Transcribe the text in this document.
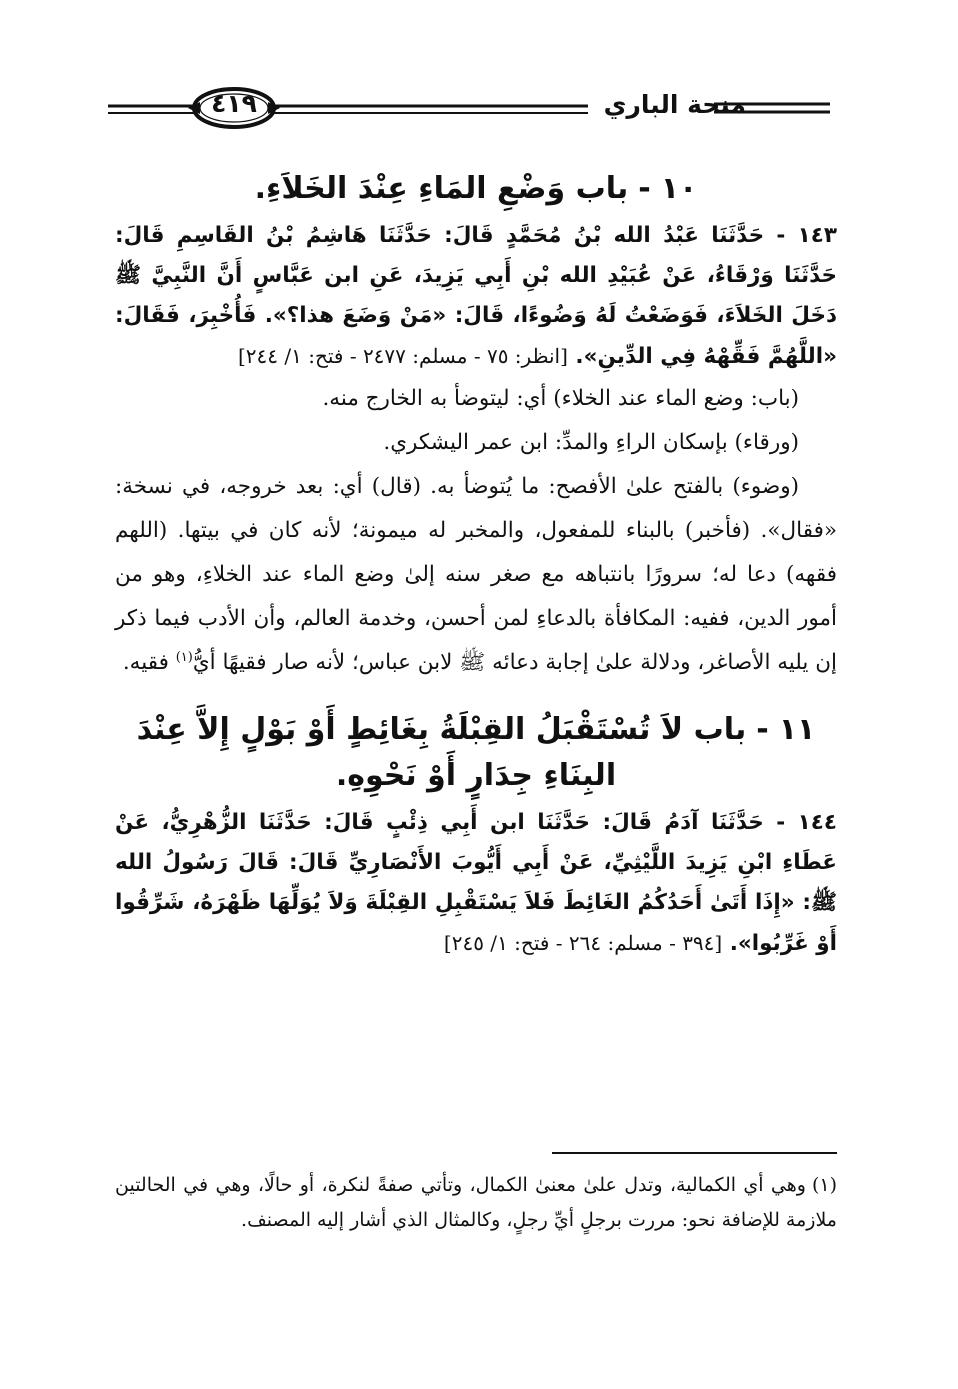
منحة الباري
٤١٩
١٠-باب وَضْعِ المَاءِ عِنْدَ الخَلاَءِ.

١٤٣ - حَدَّثَنَا عَبْدُ الله بْنُ مُحَمَّدٍ قَالَ: حَدَّثَنَا هَاشِمُ بْنُ القَاسِمِ قَالَ: حَدَّثَنَا وَرْقَاءُ، عَنْ عُبَيْدِ الله بْنِ أَبِي يَزِيدَ، عَنِ ابن عَبَّاسٍ أَنَّ النَّبِيَّ ﷺ دَخَلَ الخَلاَءَ، فَوَضَعْتُ لَهُ وَضُوءًا، قَالَ: «مَنْ وَضَعَ هذا؟». فَأُخْبِرَ، فَقَالَ: «اللَّهُمَّ فَقِّهْهُ فِي الدِّينِ». [انظر: ٧٥ - مسلم: ٢٤٧٧ - فتح: ١/ ٢٤٤]

(باب: وضع الماء عند الخلاء) أي: ليتوضأ به الخارج منه.

(ورقاء) بإسكان الراءِ والمدِّ: ابن عمر اليشكري.

(وضوء) بالفتح علىٰ الأفصح: ما يُتوضأ به. (قال) أي: بعد خروجه، في نسخة: «فقال». (فأخبر) بالبناء للمفعول، والمخبر له ميمونة؛ لأنه كان في بيتها. (اللهم فقهه) دعا له؛ سرورًا بانتباهه مع صغر سنه إلىٰ وضع الماء عند الخلاءِ، وهو من أمور الدين، ففيه: المكافأة بالدعاءِ لمن أحسن، وخدمة العالم، وأن الأدب فيما ذكر إن يليه الأصاغر، ودلالة علىٰ إجابة دعائه ﷺ لابن عباس؛ لأنه صار فقيهًا أيُّ$^{(١)}$ فقيه.

١١-باب لاَ تُسْتَقْبَلُ القِبْلَةُ بِغَائِطٍ أَوْ بَوْلٍ إِلاَّ عِنْدَ البِنَاءِ جِدَارٍ أَوْ نَحْوِهِ.

١٤٤ - حَدَّثَنَا آدَمُ قَالَ: حَدَّثَنَا ابن أَبِي ذِئْبٍ قَالَ: حَدَّثَنَا الزُّهْرِيُّ، عَنْ عَطَاءِ ابْنِ يَزِيدَ اللَّيْثِيِّ، عَنْ أَبِي أَيُّوبَ الأَنْصَارِيِّ قَالَ: قَالَ رَسُولُ الله ﷺ: «إِذَا أَتَىٰ أَحَدُكُمُ الغَائِطَ فَلاَ يَسْتَقْبِلِ القِبْلَةَ وَلاَ يُوَلِّهَا ظَهْرَهُ، شَرِّقُوا أَوْ غَرِّبُوا». [٣٩٤ - مسلم: ٢٦٤ - فتح: ١/ ٢٤٥]

(١)وهي أي الكمالية، وتدل علىٰ معنىٰ الكمال، وتأتي صفةً لنكرة، أو حالًا، وهي في الحالتين ملازمة للإضافة نحو: مررت برجلٍ أيِّ رجلٍ، وكالمثال الذي أشار إليه المصنف.
